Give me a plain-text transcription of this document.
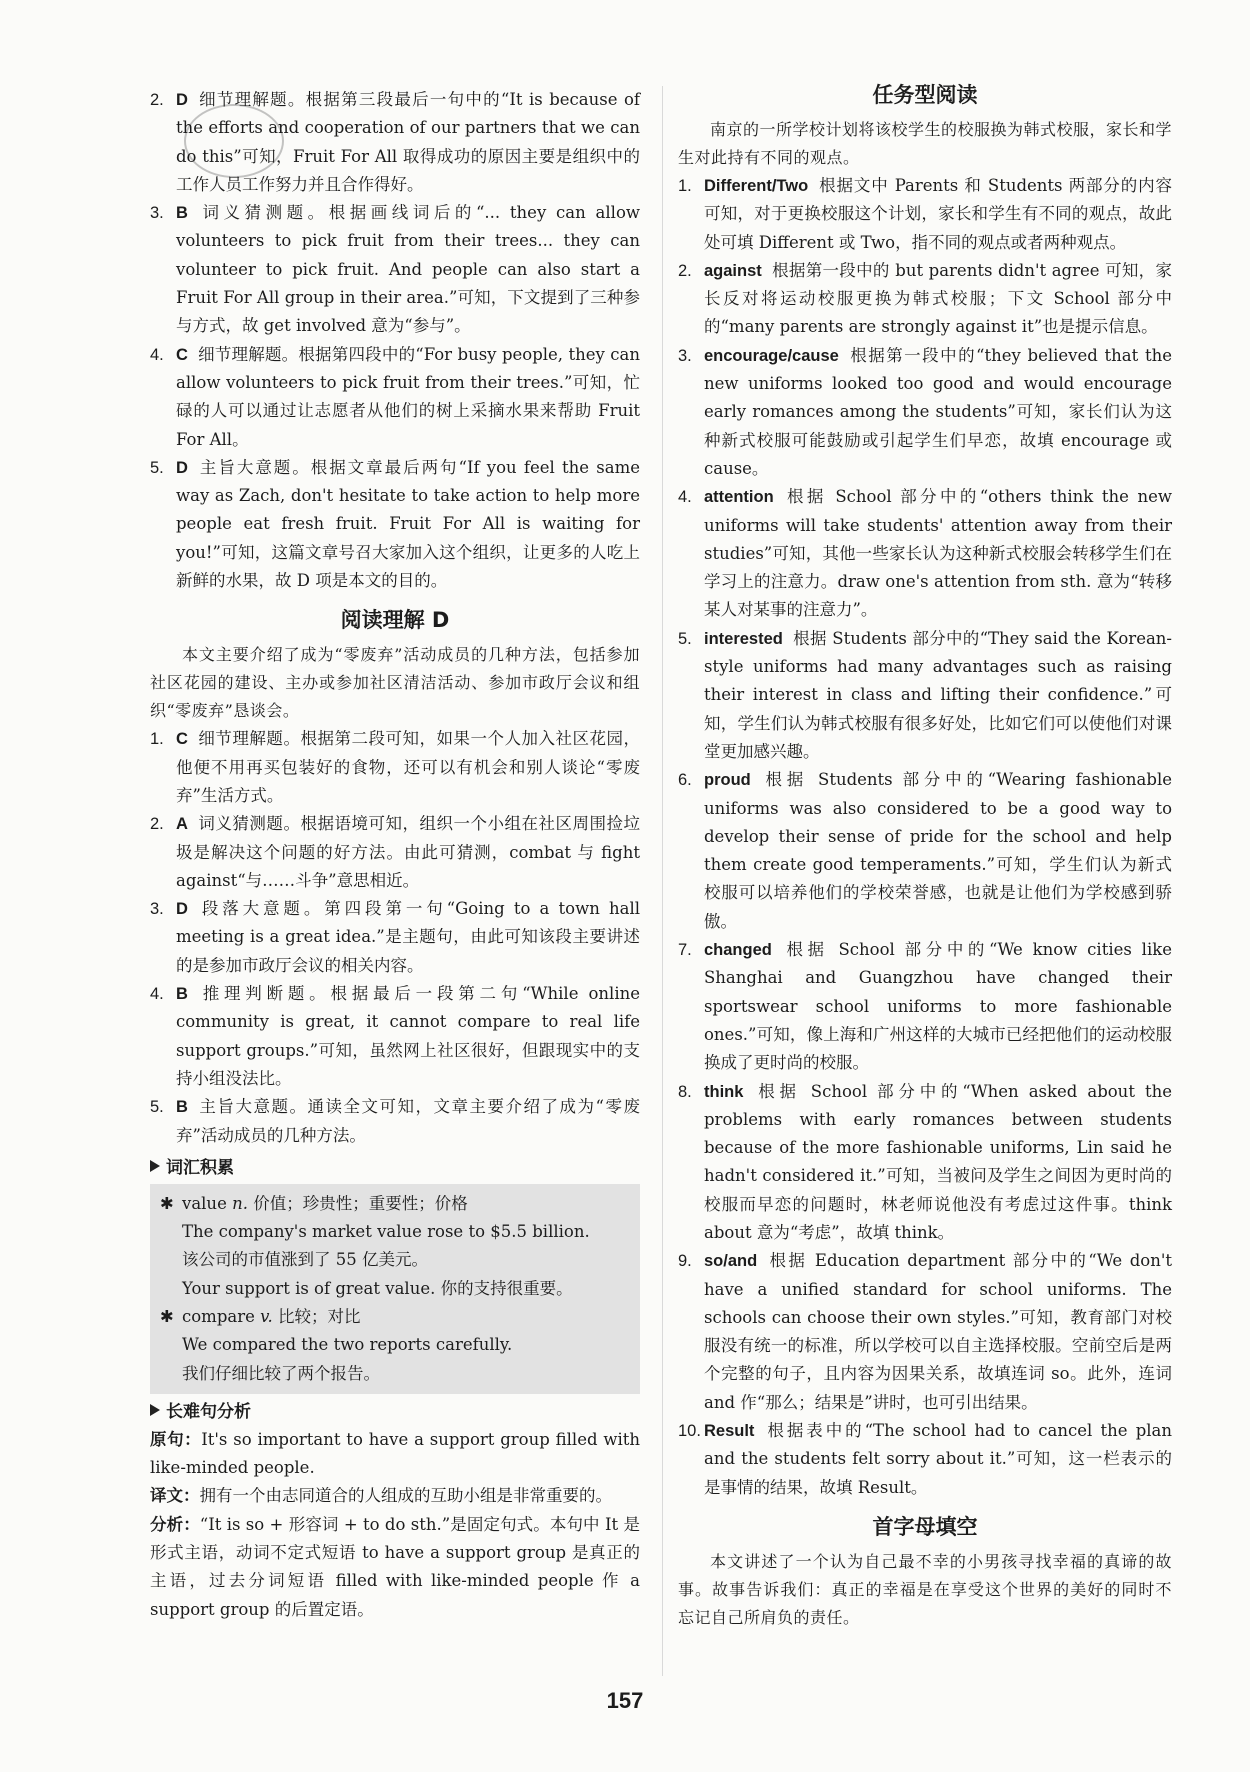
2. D 细节理解题。根据第三段最后一句中的“It is because of the efforts and cooperation of our partners that we can do this”可知，Fruit For All 取得成功的原因主要是组织中的工作人员工作努力并且合作得好。
3. B 词义猜测题。根据画线词后的“... they can allow volunteers to pick fruit from their trees... they can volunteer to pick fruit. And people can also start a Fruit For All group in their area.”可知，下文提到了三种参与方式，故 get involved 意为“参与”。
4. C 细节理解题。根据第四段中的“For busy people, they can allow volunteers to pick fruit from their trees.”可知，忙碌的人可以通过让志愿者从他们的树上采摘水果来帮助 Fruit For All。
5. D 主旨大意题。根据文章最后两句“If you feel the same way as Zach, don't hesitate to take action to help more people eat fresh fruit. Fruit For All is waiting for you!”可知，这篇文章号召大家加入这个组织，让更多的人吃上新鲜的水果，故 D 项是本文的目的。
阅读理解 D
本文主要介绍了成为“零废弃”活动成员的几种方法，包括参加社区花园的建设、主办或参加社区清洁活动、参加市政厅会议和组织“零废弃”恳谈会。
1. C 细节理解题。根据第二段可知，如果一个人加入社区花园，他便不用再买包装好的食物，还可以有机会和别人谈论“零废弃”生活方式。
2. A 词义猜测题。根据语境可知，组织一个小组在社区周围捡垃圾是解决这个问题的好方法。由此可猜测，combat 与 fight against“与……斗争”意思相近。
3. D 段落大意题。第四段第一句“Going to a town hall meeting is a great idea.”是主题句，由此可知该段主要讲述的是参加市政厅会议的相关内容。
4. B 推理判断题。根据最后一段第二句“While online community is great, it cannot compare to real life support groups.”可知，虽然网上社区很好，但跟现实中的支持小组没法比。
5. B 主旨大意题。通读全文可知，文章主要介绍了成为“零废弃”活动成员的几种方法。
词汇积累
✱ value n. 价值；珍贵性；重要性；价格
The company's market value rose to $5.5 billion.
该公司的市值涨到了 55 亿美元。
Your support is of great value. 你的支持很重要。
✱ compare v. 比较；对比
We compared the two reports carefully.
我们仔细比较了两个报告。
长难句分析
原句：It's so important to have a support group filled with like-minded people.
译文：拥有一个由志同道合的人组成的互助小组是非常重要的。
分析：“It is so + 形容词 + to do sth.”是固定句式。本句中 It 是形式主语，动词不定式短语 to have a support group 是真正的主语，过去分词短语 filled with like-minded people 作 a support group 的后置定语。
任务型阅读
南京的一所学校计划将该校学生的校服换为韩式校服，家长和学生对此持有不同的观点。
1. Different/Two 根据文中 Parents 和 Students 两部分的内容可知，对于更换校服这个计划，家长和学生有不同的观点，故此处可填 Different 或 Two，指不同的观点或者两种观点。
2. against 根据第一段中的 but parents didn't agree 可知，家长反对将运动校服更换为韩式校服；下文 School 部分中的“many parents are strongly against it”也是提示信息。
3. encourage/cause 根据第一段中的“they believed that the new uniforms looked too good and would encourage early romances among the students”可知，家长们认为这种新式校服可能鼓励或引起学生们早恋，故填 encourage 或 cause。
4. attention 根据 School 部分中的“others think the new uniforms will take students' attention away from their studies”可知，其他一些家长认为这种新式校服会转移学生们在学习上的注意力。draw one's attention from sth. 意为“转移某人对某事的注意力”。
5. interested 根据 Students 部分中的“They said the Korean-style uniforms had many advantages such as raising their interest in class and lifting their confidence.”可知，学生们认为韩式校服有很多好处，比如它们可以使他们对课堂更加感兴趣。
6. proud 根据 Students 部分中的“Wearing fashionable uniforms was also considered to be a good way to develop their sense of pride for the school and help them create good temperaments.”可知，学生们认为新式校服可以培养他们的学校荣誉感，也就是让他们为学校感到骄傲。
7. changed 根据 School 部分中的“We know cities like Shanghai and Guangzhou have changed their sportswear school uniforms to more fashionable ones.”可知，像上海和广州这样的大城市已经把他们的运动校服换成了更时尚的校服。
8. think 根据 School 部分中的“When asked about the problems with early romances between students because of the more fashionable uniforms, Lin said he hadn't considered it.”可知，当被问及学生之间因为更时尚的校服而早恋的问题时，林老师说他没有考虑过这件事。think about 意为“考虑”，故填 think。
9. so/and 根据 Education department 部分中的“We don't have a unified standard for school uniforms. The schools can choose their own styles.”可知，教育部门对校服没有统一的标准，所以学校可以自主选择校服。空前空后是两个完整的句子，且内容为因果关系，故填连词 so。此外，连词 and 作“那么；结果是”讲时，也可引出结果。
10. Result 根据表中的“The school had to cancel the plan and the students felt sorry about it.”可知，这一栏表示的是事情的结果，故填 Result。
首字母填空
本文讲述了一个认为自己最不幸的小男孩寻找幸福的真谛的故事。故事告诉我们：真正的幸福是在享受这个世界的美好的同时不忘记自己所肩负的责任。
157
